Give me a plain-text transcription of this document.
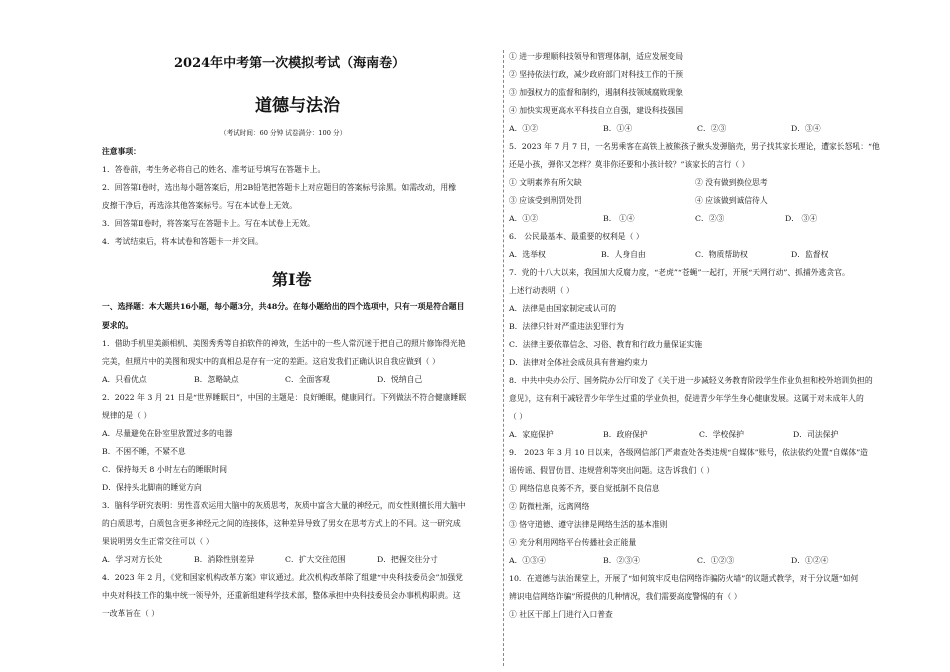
2024年中考第一次模拟考试（海南卷）
道德与法治
（考试时间：60 分钟 试卷满分：100 分）
注意事项：
1．答卷前，考生务必将自己的姓名、准考证号填写在答题卡上。
2．回答第Ⅰ卷时，选出每小题答案后，用2B铅笔把答题卡上对应题目的答案标号涂黑。如需改动，用橡
皮擦干净后，再选涂其他答案标号。写在本试卷上无效。
3．回答第Ⅱ卷时，将答案写在答题卡上。写在本试卷上无效。
4．考试结束后，将本试卷和答题卡一并交回。
第Ⅰ卷
一、选择题：本大题共16小题，每小题3分，共48分。在每小题给出的四个选项中，只有一项是符合题目
要求的。
1．借助手机里美颜相机、美图秀秀等自拍软件的神效，生活中的一些人常沉迷于把自己的照片修饰得光艳
完美，但照片中的美图和现实中的真相总是存有一定的差距。这启发我们正确认识自我应做到（ ）
A．只看优点	B．忽略缺点	C．全面客观	D．悦纳自己
2．2022 年 3 月 21 日是“世界睡眠日”，中国的主题是：良好睡眠，健康同行。下列做法不符合健康睡眠
规律的是（ ）
A．尽量避免在卧室里放置过多的电器
B．不困不睡，不紧不息
C．保持每天 8 小时左右的睡眠时间
D．保持头北脚南的睡觉方向
3．脑科学研究表明：男性喜欢运用大脑中的灰质思考，灰质中富含大量的神经元，而女性则擅长用大脑中
的白质思考，白质包含更多神经元之间的连接体，这种差异导致了男女在思考方式上的不同。这一研究成
果说明男女生正常交往可以（ ）
A．学习对方长处	B．消除性别差异	C．扩大交往范围	D．把握交往分寸
4．2023 年 2 月，《党和国家机构改革方案》审议通过。此次机构改革除了组建“中央科技委员会”加强党
中央对科技工作的集中统一领导外，还重新组建科学技术部，整体承担中央科技委员会办事机构职责。这
一改革旨在（ ）
① 进一步理顺科技领导和管理体制，适应发展变局
② 坚持依法行政，减少政府部门对科技工作的干预
③ 加强权力的监督和制约，遏制科技领域腐败现象
④ 加快实现更高水平科技自立自强，建设科技强国
A．①②	B．①④	C．②③	D．③④
5．2023 年 7 月 7 日，一名男乘客在高铁上被熊孩子揪头发弹脑壳，男子找其家长理论，遭家长怒吼：“他
还是小孩，弹你又怎样？莫非你还要和小孩计较？”该家长的言行（ ）
① 文明素养有所欠缺	② 没有做到换位思考
③ 应该受到刑罚处罚	④ 应该做到诚信待人
A．①②	B． ①④	C．②③	D． ③④
6． 公民最基本、最重要的权利是（ ）
A．选举权	B．人身自由	C．物质帮助权	D．监督权
7．党的十八大以来，我国加大反腐力度，“老虎”“苍蝇”一起打，开展“天网行动”、抓捕外逃贪官。
上述行动表明（ ）
A．法律是由国家制定或认可的
B．法律只针对严重违法犯罪行为
C．法律主要依靠信念、习俗、教育和行政力量保证实施
D．法律对全体社会成员具有普遍约束力
8．中共中央办公厅、国务院办公厅印发了《关于进一步减轻义务教育阶段学生作业负担和校外培训负担的
意见》，这有利于减轻青少年学生过重的学业负担，促进青少年学生身心健康发展。这属于对未成年人的
（ ）
A．家庭保护	B．政府保护	C．学校保护	D．司法保护
9． 2023 年 3 月 10 日以来，各级网信部门严肃查处各类违规“自媒体”账号，依法依约处置“自媒体”造
谣传谣、假冒仿冒、违规营利等突出问题。这告诉我们（ ）
① 网络信息良莠不齐，要自觉抵制不良信息
② 防微杜渐，远离网络
③ 恪守道德、遵守法律是网络生活的基本准则
④ 充分利用网络平台传播社会正能量
A．①③④	B．②③④	C．①②③	D．①②④
10．在道德与法治课堂上，开展了“如何筑牢反电信网络诈骗防火墙”的议题式教学，对于分议题“如何
辨识电信网络诈骗”所提供的几种情况，我们需要高度警惕的有（ ）
① 社区干部上门进行入口普查
